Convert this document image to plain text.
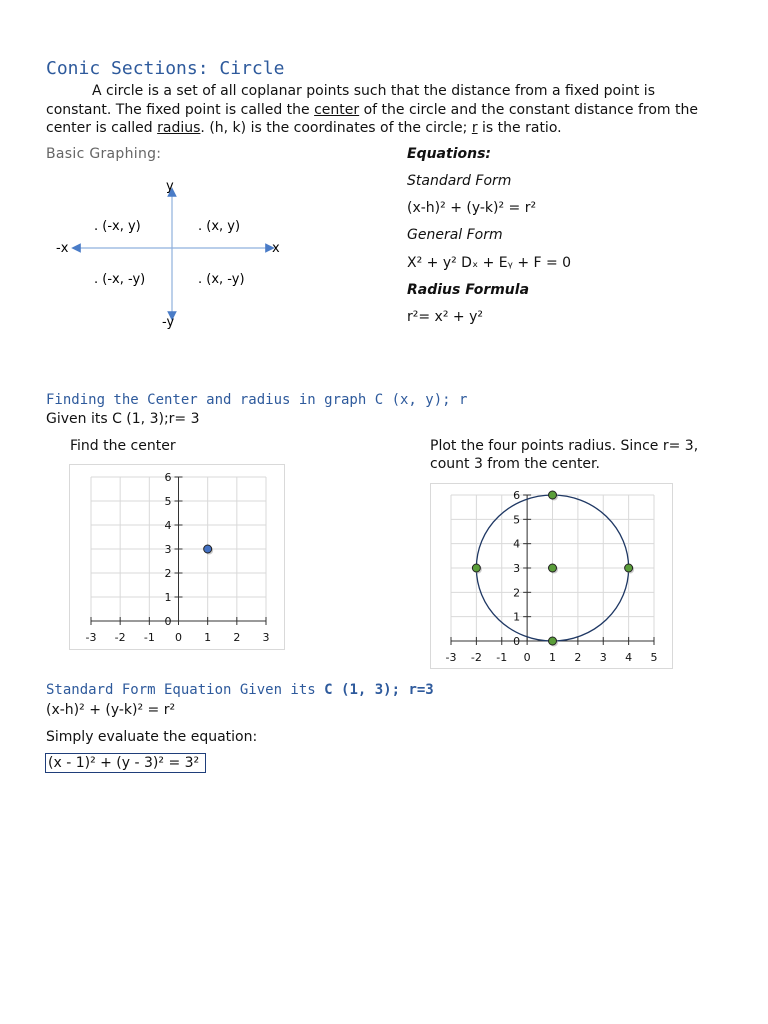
Conic Sections: Circle
A circle is a set of all coplanar points such that the distance from a fixed point is constant. The fixed point is called the center of the circle and the constant distance from the center is called radius. (h, k) is the coordinates of the circle; r is the ratio.
Basic Graphing:
y
-y
-x	x
. (x, y)
. (-x, y)
. (-x, -y)	. (x, -y)
Equations:
Standard Form
(x-h)² + (y-k)² = r²
General Form
X² + y² Dₓ + Eᵧ + F = 0
Radius Formula
r²= x² + y²
Finding the Center and radius in graph C (x, y); r
Given its C (1, 3);r= 3
Find the center	Plot the four points radius. Since r= 3,
count 3 from the center.
-3 -2 -1 0 1 2 3
0
1
2
3
4
5
6
-3 -2 -1 0 1 2 3 4 5
0
1
2
3
4
5
6
Standard Form Equation Given its C (1, 3); r=3
(x-h)² + (y-k)² = r²
Simply evaluate the equation:
(x - 1)² + (y - 3)² = 3²
